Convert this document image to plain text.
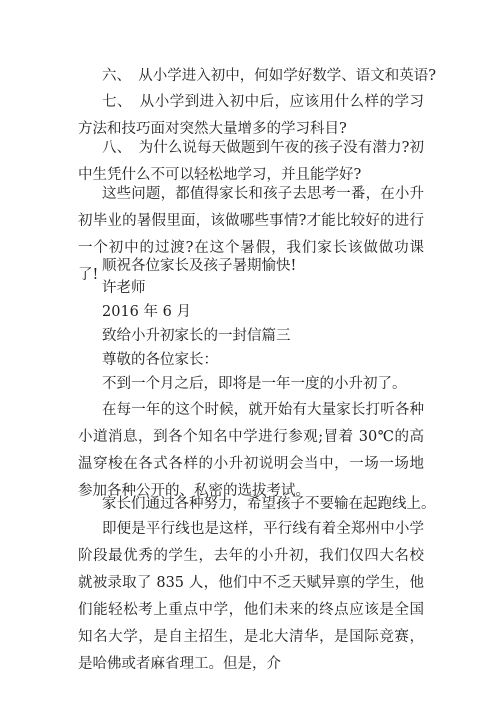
六、　从小学进入初中，何如学好数学、语文和英语?
七、　从小学到进入初中后，应该用什么样的学习方法和技巧面对突然大量增多的学习科目?
八、　为什么说每天做题到午夜的孩子没有潜力?初中生凭什么不可以轻松地学习，并且能学好?
这些问题，都值得家长和孩子去思考一番，在小升初毕业的暑假里面，该做哪些事情?才能比较好的进行一个初中的过渡?在这个暑假，我们家长该做做功课了!
顺祝各位家长及孩子暑期愉快!
许老师
2016 年 6 月
致给小升初家长的一封信篇三
尊敬的各位家长：
不到一个月之后，即将是一年一度的小升初了。
在每一年的这个时候，就开始有大量家长打听各种小道消息，到各个知名中学进行参观;冒着 30℃的高温穿梭在各式各样的小升初说明会当中，一场一场地参加各种公开的、私密的选拔考试。
家长们通过各种努力，希望孩子不要输在起跑线上。
即便是平行线也是这样，平行线有着全郑州中小学阶段最优秀的学生，去年的小升初，我们仅四大名校就被录取了 835 人，他们中不乏天赋异禀的学生，他们能轻松考上重点中学，他们未来的终点应该是全国知名大学，是自主招生，是北大清华，是国际竞赛，是哈佛或者麻省理工。但是，介
